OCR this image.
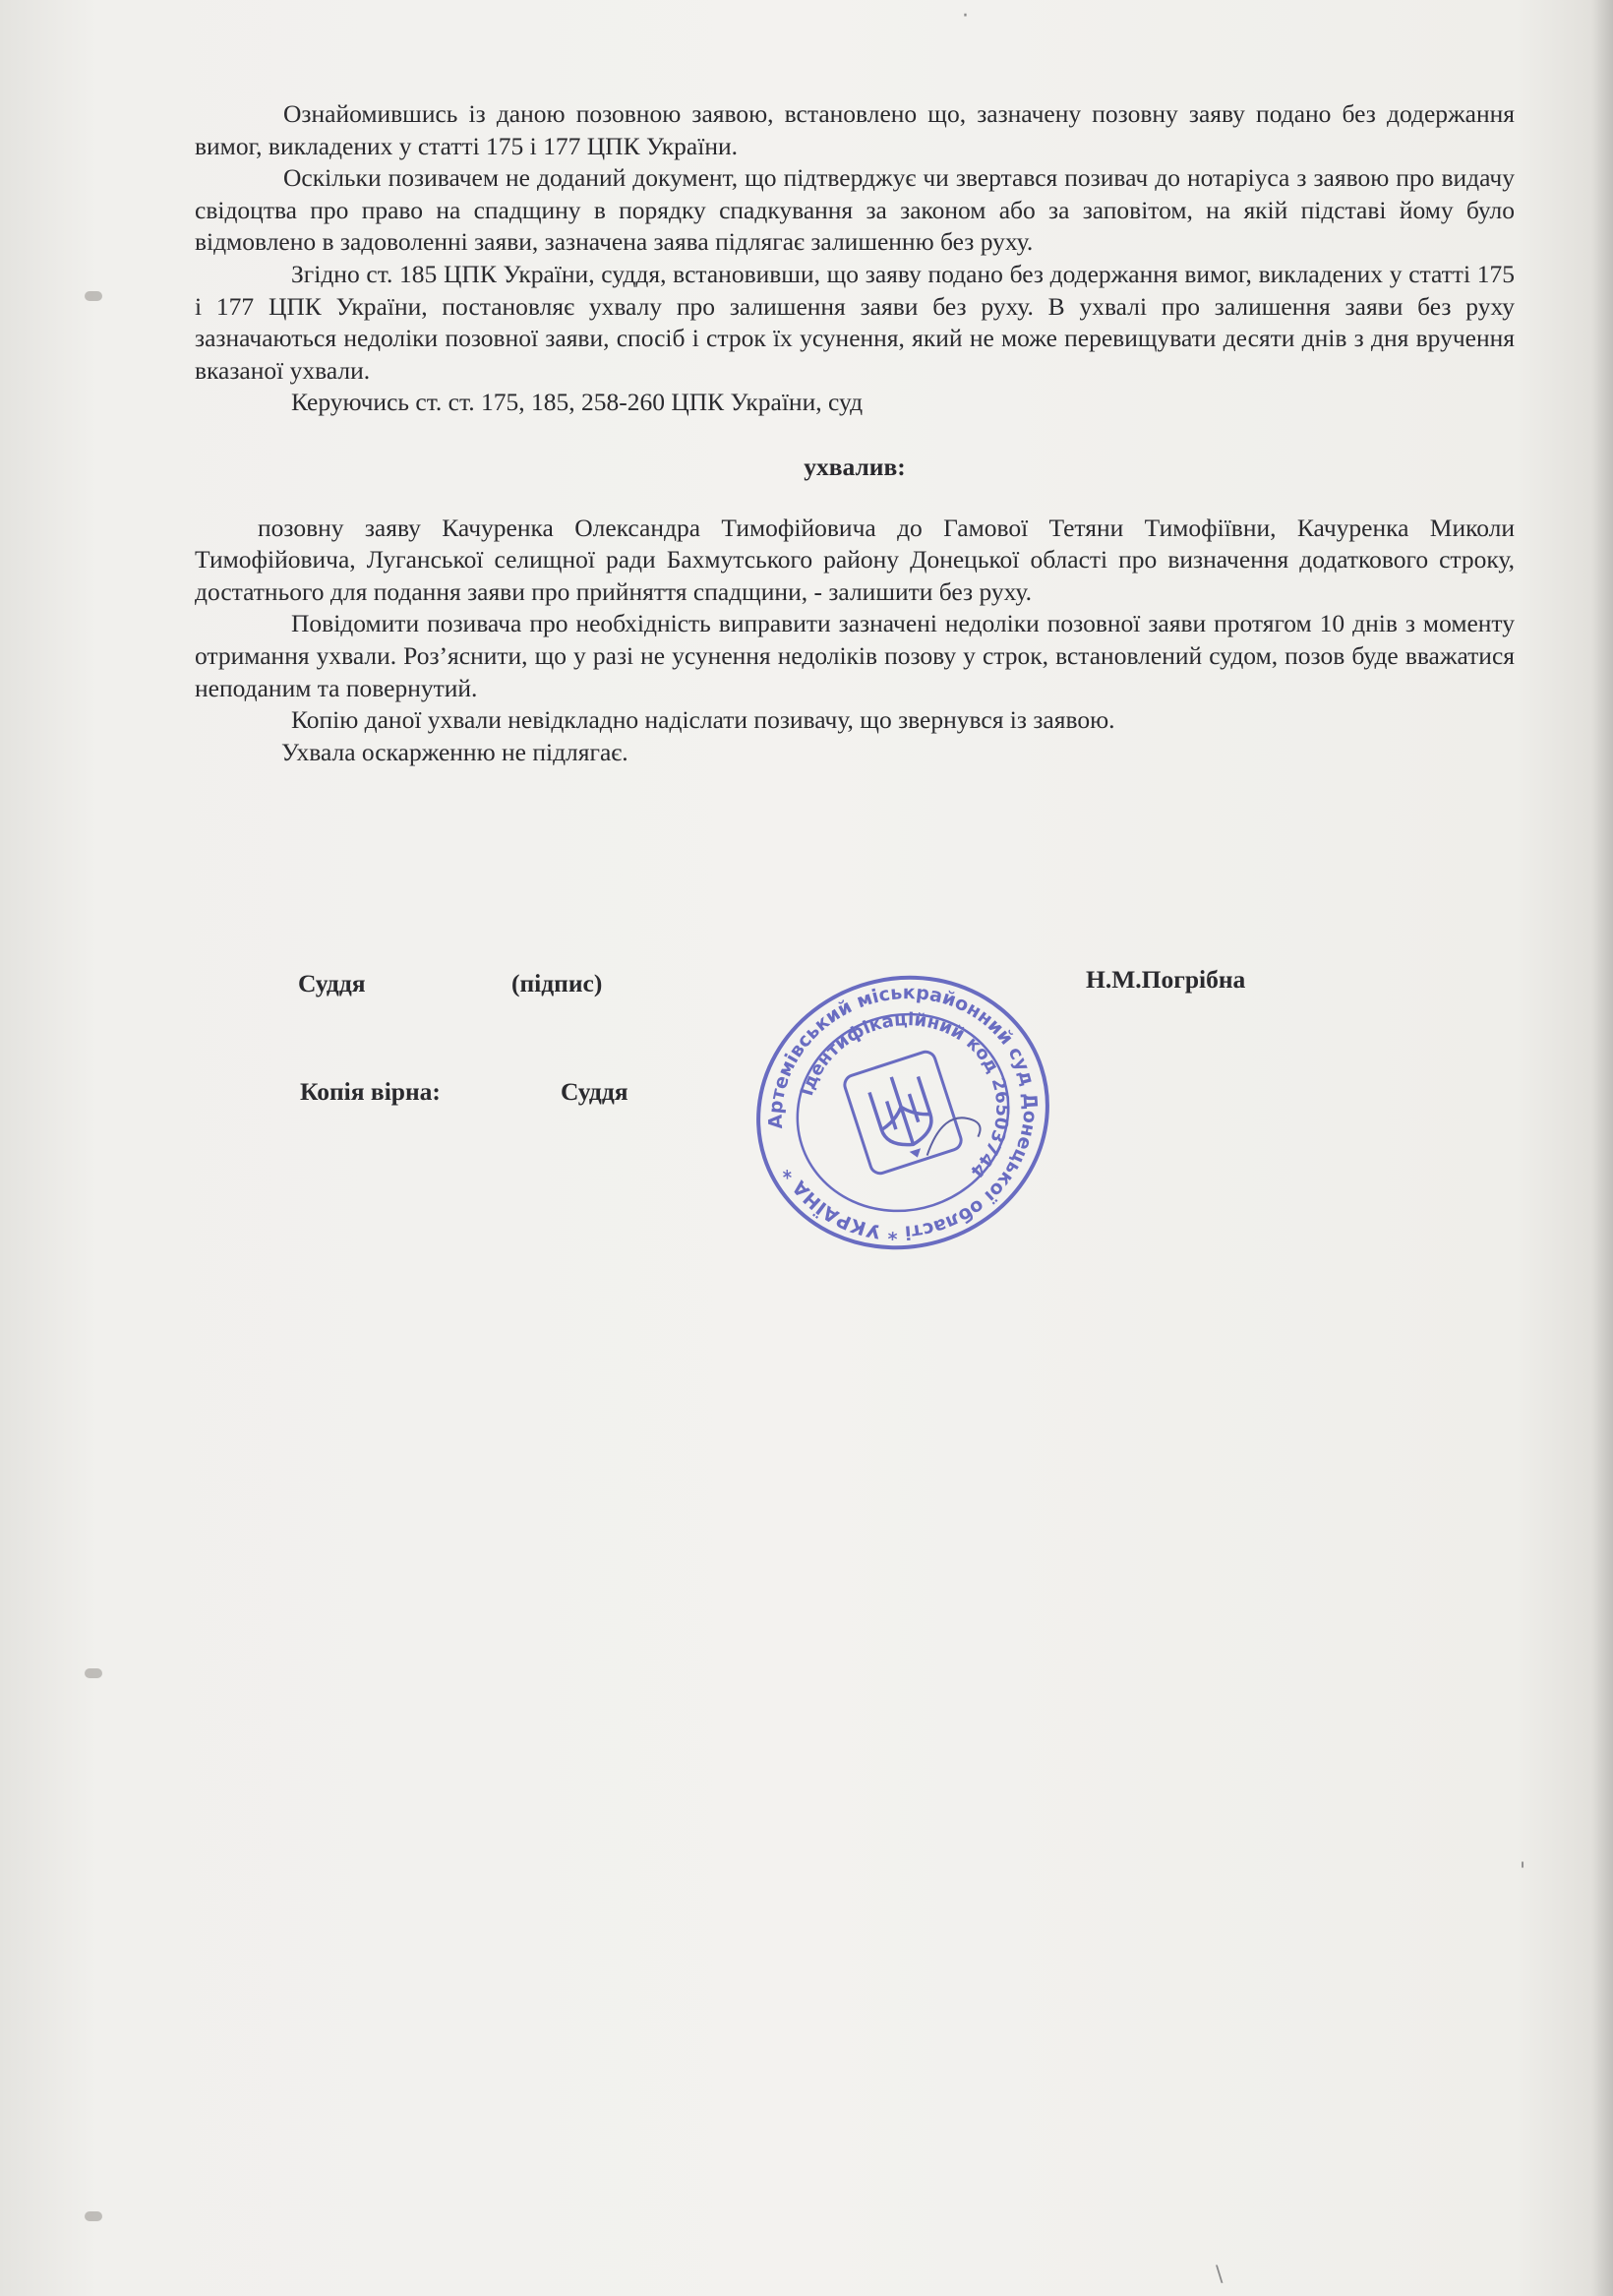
·
'
\

Ознайомившись із даною позовною заявою, встановлено що, зазначену позовну заяву подано без додержання вимог, викладених у статті 175 і 177 ЦПК України.

Оскільки позивачем не доданий документ, що підтверджує чи звертався позивач до нотаріуса з заявою про видачу свідоцтва про право на спадщину в порядку спадкування за законом або за заповітом, на якій підставі йому було відмовлено в задоволенні заяви, зазначена заява підлягає залишенню без руху.

Згідно ст. 185 ЦПК України, суддя, встановивши, що заяву подано без додержання вимог, викладених у статті 175 і 177 ЦПК України, постановляє ухвалу про залишення заяви без руху. В ухвалі про залишення заяви без руху зазначаються недоліки позовної заяви, спосіб і строк їх усунення, який не може перевищувати десяти днів з дня вручення вказаної ухвали.

Керуючись ст. ст. 175, 185, 258-260 ЦПК України, суд

ухвалив:

позовну заяву Качуренка Олександра Тимофійовича до Гамової Тетяни Тимофіївни, Качуренка Миколи Тимофійовича, Луганської селищної ради Бахмутського району Донецької області про визначення додаткового строку, достатнього для подання заяви про прийняття спадщини, - залишити без руху.

Повідомити позивача про необхідність виправити зазначені недоліки позовної заяви протягом 10 днів з моменту отримання ухвали. Роз’яснити, що у разі не усунення недоліків позову у строк, встановлений судом, позов буде вважатися неподаним та повернутий.

Копію даної ухвали невідкладно надіслати позивачу, що звернувся із заявою.

Ухвала оскарженню не підлягає.

Суддя	(підпис)	Н.М.Погрібна
Копія вірна:	Суддя
Артемівський міськрайонний суд Донецької області * УКРАЇНА *
Ідентифікаційний код 26503744
